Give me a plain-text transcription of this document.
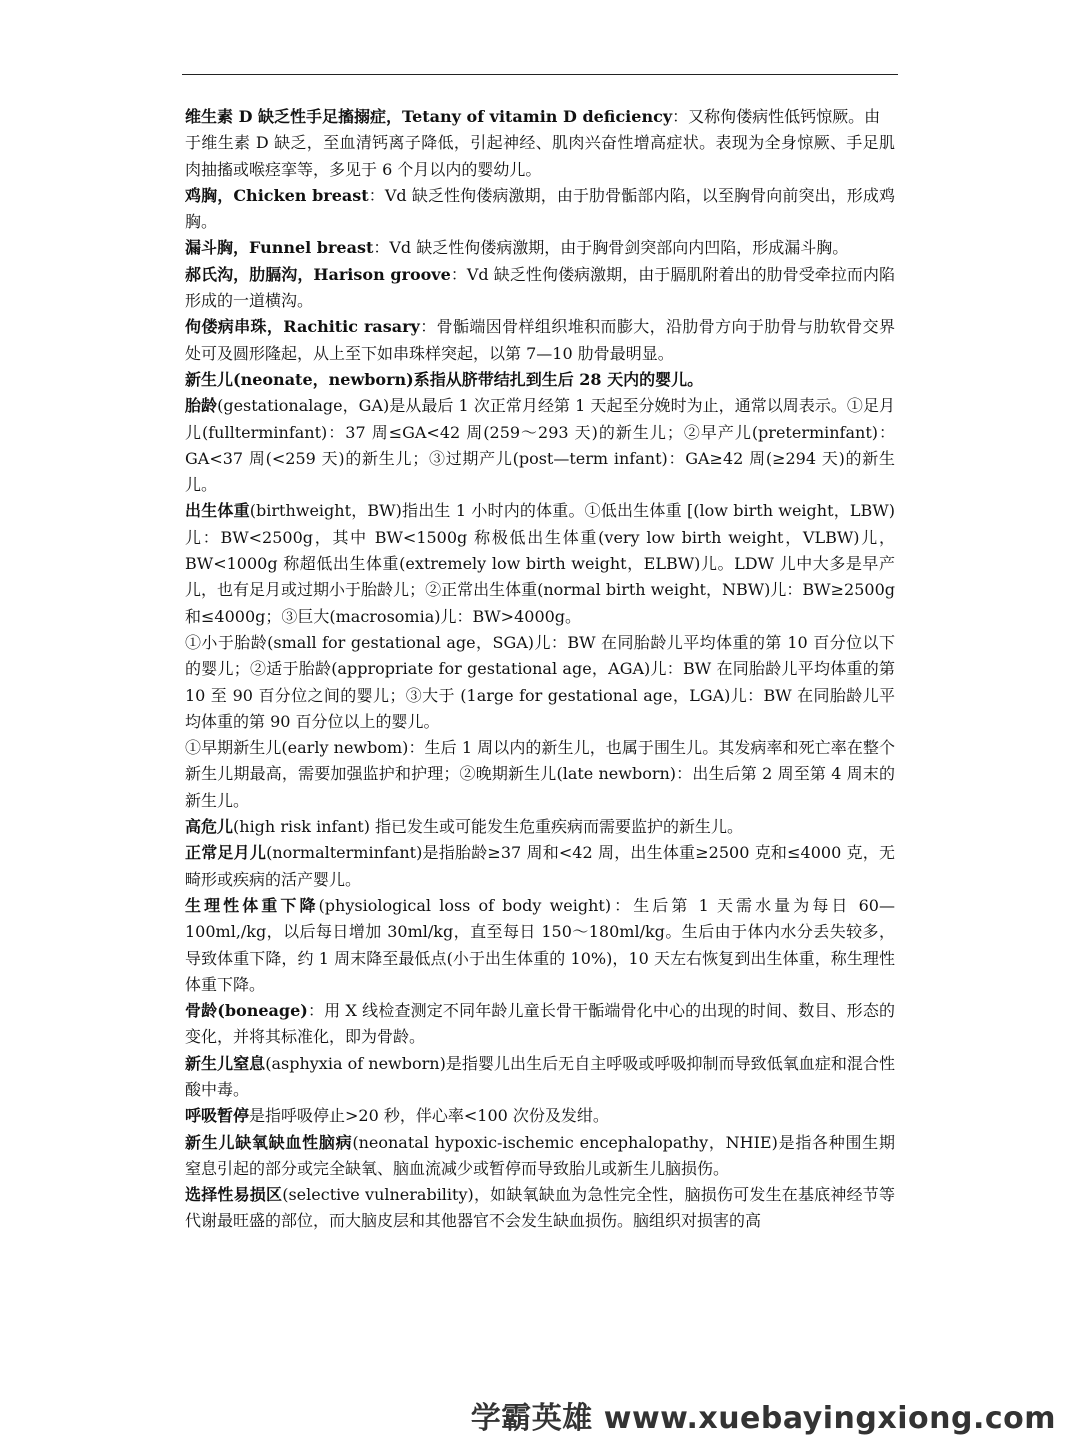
维生素 D 缺乏性手足搐搦症，Tetany of vitamin D deficiency：又称佝偻病性低钙惊厥。由

于维生素 D 缺乏，至血清钙离子降低，引起神经、肌肉兴奋性增高症状。表现为全身惊厥、手足肌肉抽搐或喉痉挛等，多见于 6 个月以内的婴幼儿。

鸡胸，Chicken breast：Vd 缺乏性佝偻病激期，由于肋骨骺部内陷，以至胸骨向前突出，形成鸡胸。

漏斗胸，Funnel breast：Vd 缺乏性佝偻病激期，由于胸骨剑突部向内凹陷，形成漏斗胸。

郝氏沟，肋膈沟，Harison groove：Vd 缺乏性佝偻病激期，由于膈肌附着出的肋骨受牵拉而内陷形成的一道横沟。

佝偻病串珠，Rachitic rasary：骨骺端因骨样组织堆积而膨大，沿肋骨方向于肋骨与肋软骨交界处可及圆形隆起，从上至下如串珠样突起，以第 7—10 肋骨最明显。

新生儿(neonate，newborn)系指从脐带结扎到生后 28 天内的婴儿。

胎龄(gestationalage，GA)是从最后 1 次正常月经第 1 天起至分娩时为止，通常以周表示。①足月儿(fullterminfant)：37 周≤GA<42 周(259～293 天)的新生儿；②早产儿(preterminfant)：GA<37 周(<259 天)的新生儿；③过期产儿(post—term infant)：GA≥42 周(≥294 天)的新生儿。

出生体重(birthweight，BW)指出生 1 小时内的体重。①低出生体重 [(low birth weight，LBW)儿：BW<2500g，其中 BW<1500g 称极低出生体重(very low birth weight，VLBW)儿，BW<1000g 称超低出生体重(extremely low birth weight，ELBW)儿。LDW 儿中大多是早产儿，也有足月或过期小于胎龄儿；②正常出生体重(normal birth weight，NBW)儿：BW≥2500g 和≤4000g；③巨大(macrosomia)儿：BW>4000g。

①小于胎龄(small for gestational age，SGA)儿：BW 在同胎龄儿平均体重的第 10 百分位以下的婴儿；②适于胎龄(appropriate for gestational age，AGA)儿：BW 在同胎龄儿平均体重的第 10 至 90 百分位之间的婴儿；③大于 (1arge for gestational age，LGA)儿：BW 在同胎龄儿平均体重的第 90 百分位以上的婴儿。

①早期新生儿(early newbom)：生后 1 周以内的新生儿，也属于围生儿。其发病率和死亡率在整个新生儿期最高，需要加强监护和护理；②晚期新生儿(late newborn)：出生后第 2 周至第 4 周末的新生儿。

高危儿(high risk infant) 指已发生或可能发生危重疾病而需要监护的新生儿。

正常足月儿(normalterminfant)是指胎龄≥37 周和<42 周，出生体重≥2500 克和≤4000 克，无畸形或疾病的活产婴儿。

生理性体重下降(physiological loss of body weight)：生后第 1 天需水量为每日 60—100ml,/kg，以后每日增加 30ml/kg，直至每日 150～180ml/kg。生后由于体内水分丢失较多，导致体重下降，约 1 周末降至最低点(小于出生体重的 10%)，10 天左右恢复到出生体重，称生理性体重下降。

骨龄(boneage)：用 X 线检查测定不同年龄儿童长骨干骺端骨化中心的出现的时间、数目、形态的变化，并将其标准化，即为骨龄。

新生儿窒息(asphyxia of newborn)是指婴儿出生后无自主呼吸或呼吸抑制而导致低氧血症和混合性酸中毒。

呼吸暂停是指呼吸停止>20 秒，伴心率<100 次份及发绀。

新生儿缺氧缺血性脑病(neonatal hypoxic-ischemic encephalopathy，NHIE)是指各种围生期窒息引起的部分或完全缺氧、脑血流减少或暂停而导致胎儿或新生儿脑损伤。

选择性易损区(selective vulnerability)，如缺氧缺血为急性完全性，脑损伤可发生在基底神经节等代谢最旺盛的部位，而大脑皮层和其他器官不会发生缺血损伤。脑组织对损害的高

学霸英雄 www.xuebayingxiong.com
